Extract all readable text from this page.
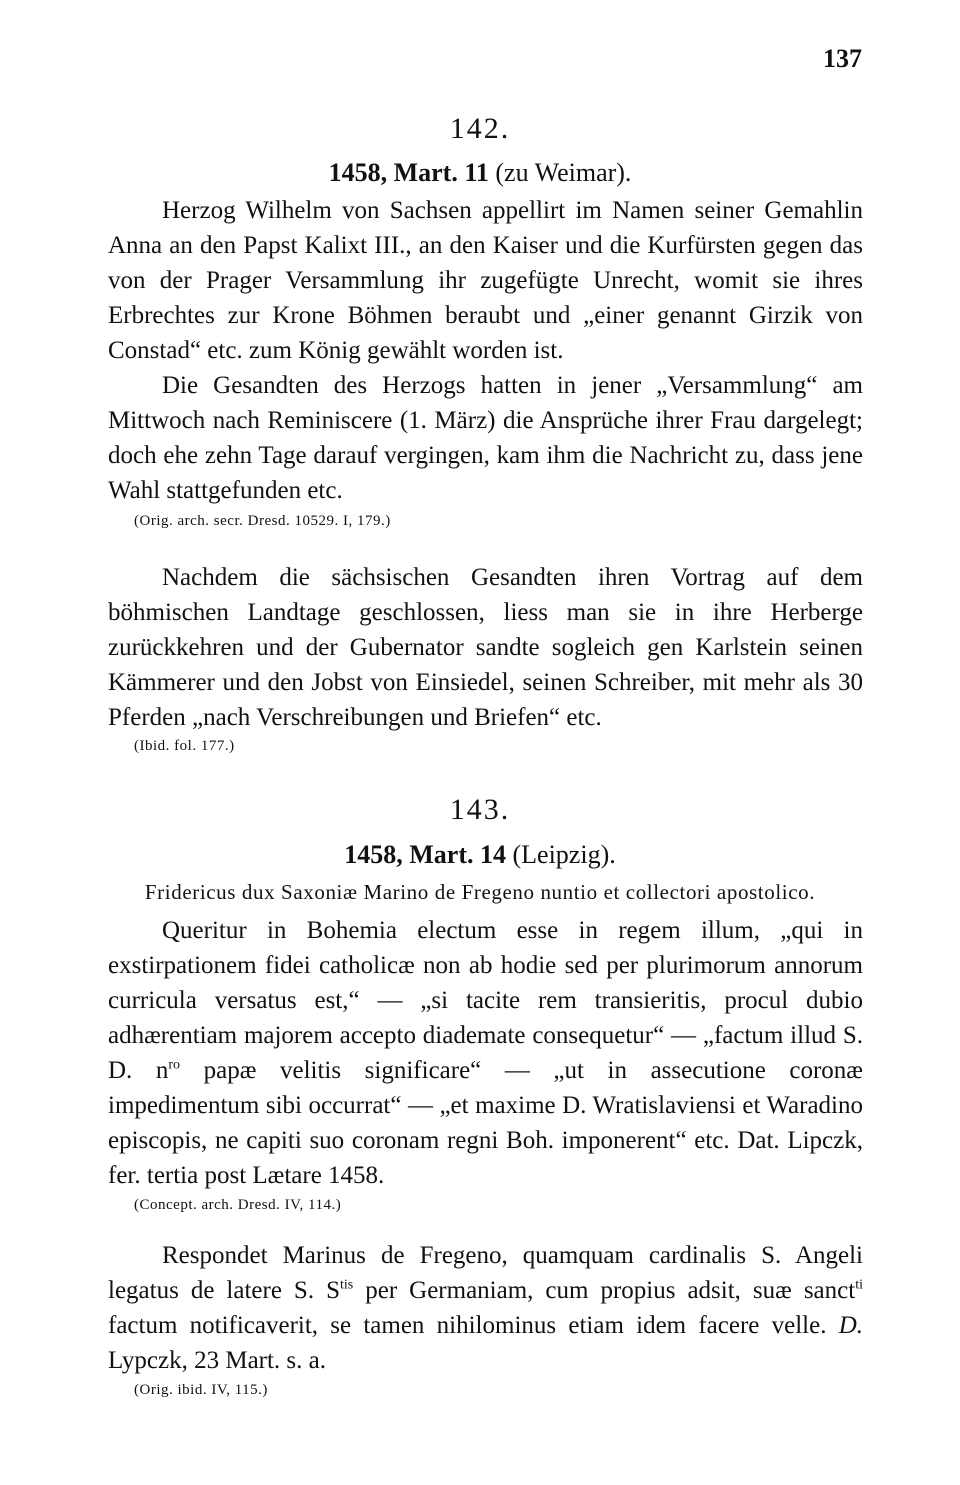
137
142.
1458, Mart. 11 (zu Weimar).

Herzog Wilhelm von Sachsen appellirt im Namen seiner Gemahlin Anna an den Papst Kalixt III., an den Kaiser und die Kurfürsten gegen das von der Prager Versammlung ihr zugefügte Unrecht, womit sie ihres Erbrechtes zur Krone Böhmen beraubt und „einer genannt Girzik von Constad“ etc. zum König gewählt worden ist.

Die Gesandten des Herzogs hatten in jener „Versammlung“ am Mittwoch nach Reminiscere (1. März) die Ansprüche ihrer Frau dargelegt; doch ehe zehn Tage darauf vergingen, kam ihm die Nachricht zu, dass jene Wahl stattgefunden etc.

(Orig. arch. secr. Dresd. 10529. I, 179.)

Nachdem die sächsischen Gesandten ihren Vortrag auf dem böhmischen Landtage geschlossen, liess man sie in ihre Herberge zurückkehren und der Gubernator sandte sogleich gen Karlstein seinen Kämmerer und den Jobst von Einsiedel, seinen Schreiber, mit mehr als 30 Pferden „nach Verschreibungen und Briefen“ etc.

(Ibid. fol. 177.)
143.
1458, Mart. 14 (Leipzig).
Fridericus dux Saxoniæ Marino de Fregeno nuntio et collectori apostolico.

Queritur in Bohemia electum esse in regem illum, „qui in exstirpationem fidei catholicæ non ab hodie sed per plurimorum annorum curricula versatus est,“ — „si tacite rem transieritis, procul dubio adhærentiam majorem accepto diademate consequetur“ — „factum illud S. D. $n^{ro}$ papæ velitis significare“ — „ut in assecutione coronæ impedimentum sibi occurrat“ — „et maxime D. Wratislaviensi et Waradino episcopis, ne capiti suo coronam regni Boh. imponerent“ etc. Dat. Lipczk, fer. tertia post Lætare 1458.

(Concept. arch. Dresd. IV, 114.)

Respondet Marinus de Fregeno, quamquam cardinalis S. Angeli legatus de latere S. $S^{tis}$ per Germaniam, cum propius adsit, suæ sanct$^{ti}$ factum notificaverit, se tamen nihilominus etiam idem facere velle. D. Lypczk, 23 Mart. s. a.

(Orig. ibid. IV, 115.)
